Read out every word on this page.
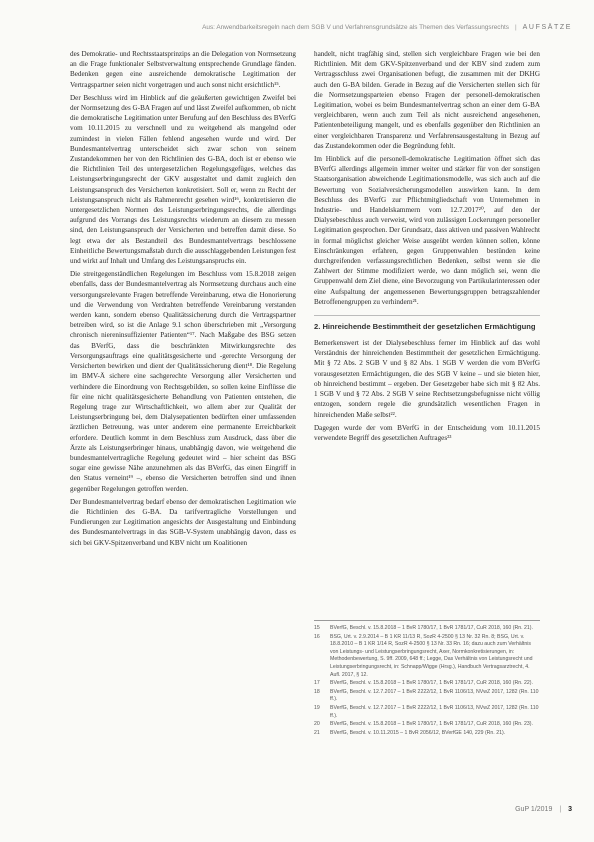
Aus: Anwendbarkeitsregeln nach dem SGB V und Verfahrensgrundsätze als Themen des Verfassungsrechts | AUFSÄTZE

des Demokratie- und Rechtsstaatsprinzips an die Delegation von Normsetzung an die Frage funktionaler Selbstverwaltung entsprechende Grundlage fänden. Bedenken gegen eine ausreichende demokratische Legitimation der Vertragspartner seien nicht vorgetragen und auch sonst nicht ersichtlich¹⁵.

Der Beschluss wird im Hinblick auf die geäußerten gewichtigen Zweifel bei der Normsetzung des G-BA Fragen auf und lässt Zweifel aufkommen, ob nicht die demokratische Legitimation unter Berufung auf den Beschluss des BVerfG vom 10.11.2015 zu verschnell und zu weitgehend als mangelnd oder zumindest in vielen Fällen fehlend angesehen wurde und wird. Der Bundesmantelvertrag unterscheidet sich zwar schon von seinem Zustandekommen her von den Richtlinien des G-BA, doch ist er ebenso wie die Richtlinien Teil des untergesetzlichen Regelungsgefüges, welches das Leistungserbringungsrecht der GKV ausgestaltet und damit zugleich den Leistungsanspruch des Versicherten konkretisiert. Soll er, wenn zu Recht der Leistungsanspruch nicht als Rahmenrecht gesehen wird¹⁶, konkretisieren die untergesetzlichen Normen des Leistungserbringungsrechts, die allerdings aufgrund des Vorrangs des Leistungsrechts wiederum an diesem zu messen sind, den Leistungsanspruch der Versicherten und betreffen damit diese. So legt etwa der als Bestandteil des Bundesmantelvertrags beschlossene Einheitliche Bewertungsmaßstab durch die ausschlaggebenden Leistungen fest und wirkt auf Inhalt und Umfang des Leistungsanspruchs ein.

Die streitgegenständlichen Regelungen im Beschluss vom 15.8.2018 zeigen ebenfalls, dass der Bundesmantelvertrag als Normsetzung durchaus auch eine versorgungsrelevante Fragen betreffende Vereinbarung, etwa die Honorierung und die Verwendung von Verdrahten betreffende Vereinbarung verstanden werden kann, sondern ebenso Qualitätssicherung durch die Vertragspartner betreiben wird, so ist die Anlage 9.1 schon überschrieben mit „Versorgung chronisch niereninsuffizienter Patienten“¹⁷. Nach Maßgabe des BSG setzen das BVerfG, dass die beschränkten Mitwirkungsrechte des Versorgungsauftrags eine qualitätsgesicherte und -gerechte Versorgung der Versicherten bewirken und dient der Qualitätssicherung dient¹⁸. Die Regelung im BMV-Ä sichere eine sachgerechte Versorgung aller Versicherten und verhindere die Einordnung von Rechtsgebilden, so sollen keine Einflüsse die für eine nicht qualitätsgesicherte Behandlung von Patienten entstehen, die Regelung trage zur Wirtschaftlichkeit, wo allem aber zur Qualität der Leistungserbringung bei, dem Dialysepatienten bedürften einer umfassenden ärztlichen Betreuung, was unter anderem eine permanente Erreichbarkeit erfordere. Deutlich kommt in dem Beschluss zum Ausdruck, dass über die Ärzte als Leistungserbringer hinaus, unabhängig davon, wie weitgehend die bundesmantelvertragliche Regelung gedeutet wird – hier scheint das BSG sogar eine gewisse Nähe anzunehmen als das BVerfG, das einen Eingriff in den Status verneint¹⁹ –, ebenso die Versicherten betroffen sind und ihnen gegenüber Regelungen getroffen werden.

Der Bundesmantelvertrag bedarf ebenso der demokratischen Legitimation wie die Richtlinien des G-BA. Da tarifvertragliche Vorstellungen und Fundierungen zur Legitimation angesichts der Ausgestaltung und Einbindung des Bundesmantelvertrags in das SGB-V-System unabhängig davon, dass es sich bei GKV-Spitzenverband und KBV nicht um Koalitionen

handelt, nicht tragfähig sind, stellen sich vergleichbare Fragen wie bei den Richtlinien. Mit dem GKV-Spitzenverband und der KBV sind zudem zum Vertragsschluss zwei Organisationen befugt, die zusammen mit der DKHG auch den G-BA bilden. Gerade in Bezug auf die Versicherten stellen sich für die Normsetzungsparteien ebenso Fragen der personell-demokratischen Legitimation, wobei es beim Bundesmantelvertrag schon an einer dem G-BA vergleichbaren, wenn auch zum Teil als nicht ausreichend angesehenen, Patientenbeteiligung mangelt, und es ebenfalls gegenüber den Richtlinien an einer vergleichbaren Transparenz und Verfahrensausgestaltung in Bezug auf das Zustandekommen oder die Begründung fehlt.

Im Hinblick auf die personell-demokratische Legitimation öffnet sich das BVerfG allerdings allgemein immer weiter und stärker für von der sonstigen Staatsorganisation abweichende Legitimationsmodelle, was sich auch auf die Bewertung von Sozialversicherungsmodellen auswirken kann. In dem Beschluss des BVerfG zur Pflichtmitgliedschaft von Unternehmen in Industrie- und Handelskammern vom 12.7.2017²⁰, auf den der Dialysebeschluss auch verweist, wird von zulässigen Lockerungen personeller Legitimation gesprochen. Der Grundsatz, dass aktiven und passiven Wahlrecht in formal möglichst gleicher Weise ausgeübt werden können sollen, könne Einschränkungen erfahren, gegen Gruppenwahlen bestünden keine durchgreifenden verfassungsrechtlichen Bedenken, selbst wenn sie die Zahlwert der Stimme modifiziert werde, wo dann möglich sei, wenn die Gruppenwahl dem Ziel diene, eine Bevorzugung von Partikularinteressen oder eine Aufspaltung der angemessenen Bewertungsgruppen betragszahlender Betroffenengruppen zu verhindern²¹.

2. Hinreichende Bestimmtheit der gesetzlichen Ermächtigung

Bemerkenswert ist der Dialysebeschluss ferner im Hinblick auf das wohl Verständnis der hinreichenden Bestimmtheit der gesetzlichen Ermächtigung. Mit § 72 Abs. 2 SGB V und § 82 Abs. 1 SGB V werden die vom BVerfG vorausgesetzten Ermächtigungen, die des SGB V keine – und sie bieten hier, ob hinreichend bestimmt – ergeben. Der Gesetzgeber habe sich mit § 82 Abs. 1 SGB V und § 72 Abs. 2 SGB V seine Rechtsetzungsbefugnisse nicht völlig entzogen, sondern regele die grundsätzlich wesentlichen Fragen in hinreichenden Maße selbst²².

Dagegen wurde der vom BVerfG in der Entscheidung vom 10.11.2015 verwendete Begriff des gesetzlichen Auftrages²³

15	BVerfG, Beschl. v. 15.8.2018 – 1 BvR 1780/17, 1 BvR 1781/17, CuR 2018, 160 (Rn. 21).
16	BSG, Urt. v. 2.9.2014 – B 1 KR 11/13 R, SozR 4-2500 § 13 Nr. 32 Rn. 8; BSG, Urt. v. 18.8.2010 – B 1 KR 1/14 R, SozR 4-2500 § 13 Nr. 33 Rn. 16; dazu auch zum Verhältnis von Leistungs- und Leistungserbringungsrecht, Axer, Normkonkretisierungen, in: Methodenbewertung, S. 9ff. 2009, 648 ff.; Legge, Das Verhältnis von Leistungsrecht und Leistungserbringungsrecht, in: Schnapp/Wigge (Hrsg.), Handbuch Vertragsarztrecht, 4. Aufl. 2017, § 12.
17	BVerfG, Beschl. v. 15.8.2018 – 1 BvR 1780/17, 1 BvR 1781/17, CuR 2018, 160 (Rn. 22).
18	BVerfG, Beschl. v. 12.7.2017 – 1 BvR 2222/12, 1 BvR 1106/13, NVwZ 2017, 1282 (Rn. 110 ff.).
19	BVerfG, Beschl. v. 12.7.2017 – 1 BvR 2222/12, 1 BvR 1106/13, NVwZ 2017, 1282 (Rn. 110 ff.).
20	BVerfG, Beschl. v. 15.8.2018 – 1 BvR 1780/17, 1 BvR 1781/17, CuR 2018, 160 (Rn. 23).
21	BVerfG, Beschl. v. 10.11.2015 – 1 BvR 2056/12, BVerfGE 140, 229 (Rn. 21).
GuP 1/2019 | 3
